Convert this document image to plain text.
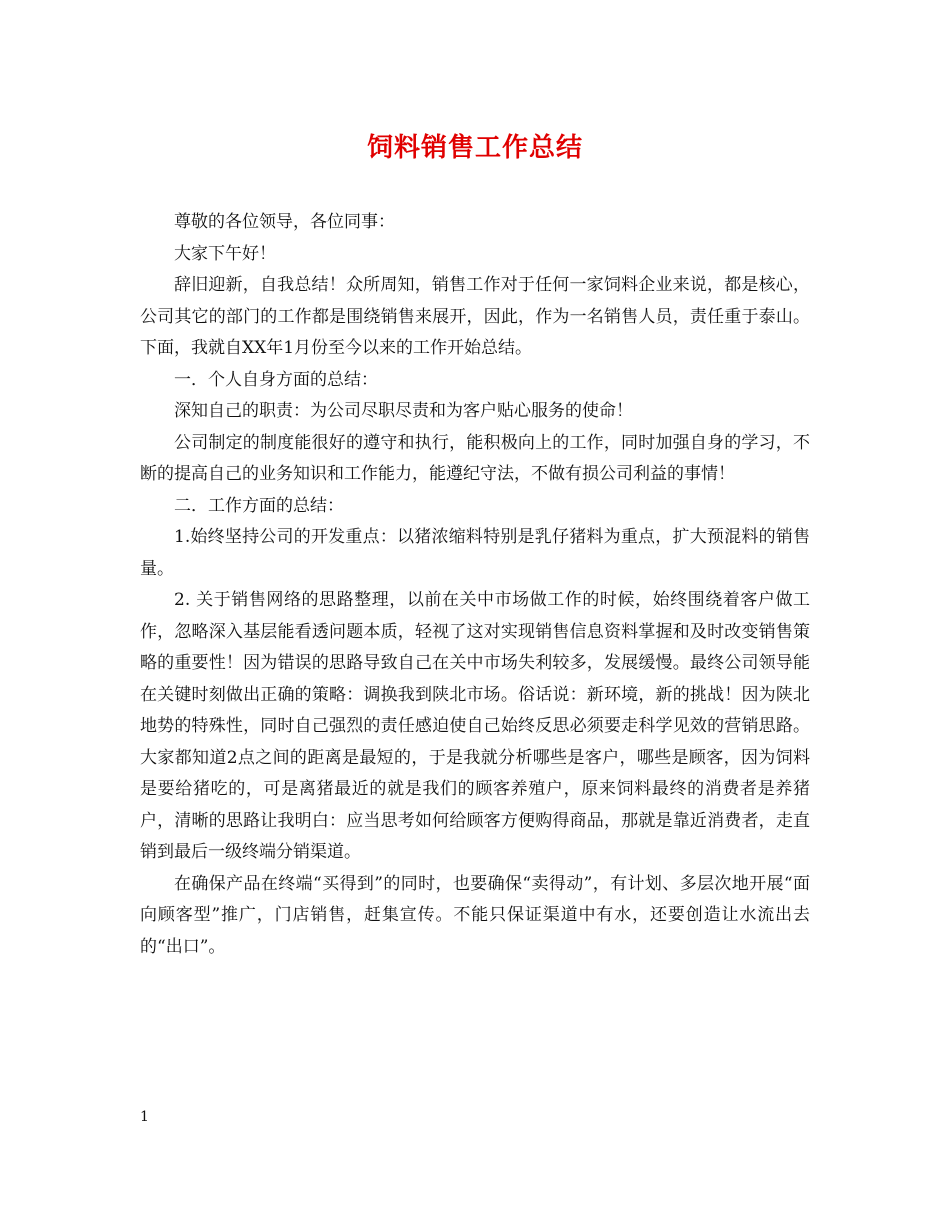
饲料销售工作总结

尊敬的各位领导，各位同事：

大家下午好！

辞旧迎新，自我总结！众所周知，销售工作对于任何一家饲料企业来说，都是核心，公司其它的部门的工作都是围绕销售来展开，因此，作为一名销售人员，责任重于泰山。下面，我就自XX年1月份至今以来的工作开始总结。

一．个人自身方面的总结：

深知自己的职责：为公司尽职尽责和为客户贴心服务的使命！

公司制定的制度能很好的遵守和执行，能积极向上的工作，同时加强自身的学习，不断的提高自己的业务知识和工作能力，能遵纪守法，不做有损公司利益的事情！

二．工作方面的总结：

1.始终坚持公司的开发重点：以猪浓缩料特别是乳仔猪料为重点，扩大预混料的销售量。

2. 关于销售网络的思路整理，以前在关中市场做工作的时候，始终围绕着客户做工作，忽略深入基层能看透问题本质，轻视了这对实现销售信息资料掌握和及时改变销售策略的重要性！因为错误的思路导致自己在关中市场失利较多，发展缓慢。最终公司领导能在关键时刻做出正确的策略：调换我到陕北市场。俗话说：新环境，新的挑战！因为陕北地势的特殊性，同时自己强烈的责任感迫使自己始终反思必须要走科学见效的营销思路。大家都知道2点之间的距离是最短的，于是我就分析哪些是客户，哪些是顾客，因为饲料是要给猪吃的，可是离猪最近的就是我们的顾客养殖户，原来饲料最终的消费者是养猪户，清晰的思路让我明白：应当思考如何给顾客方便购得商品，那就是靠近消费者，走直销到最后一级终端分销渠道。

在确保产品在终端“买得到”的同时，也要确保“卖得动”，有计划、多层次地开展“面向顾客型”推广，门店销售，赶集宣传。不能只保证渠道中有水，还要创造让水流出去的“出口”。

1
